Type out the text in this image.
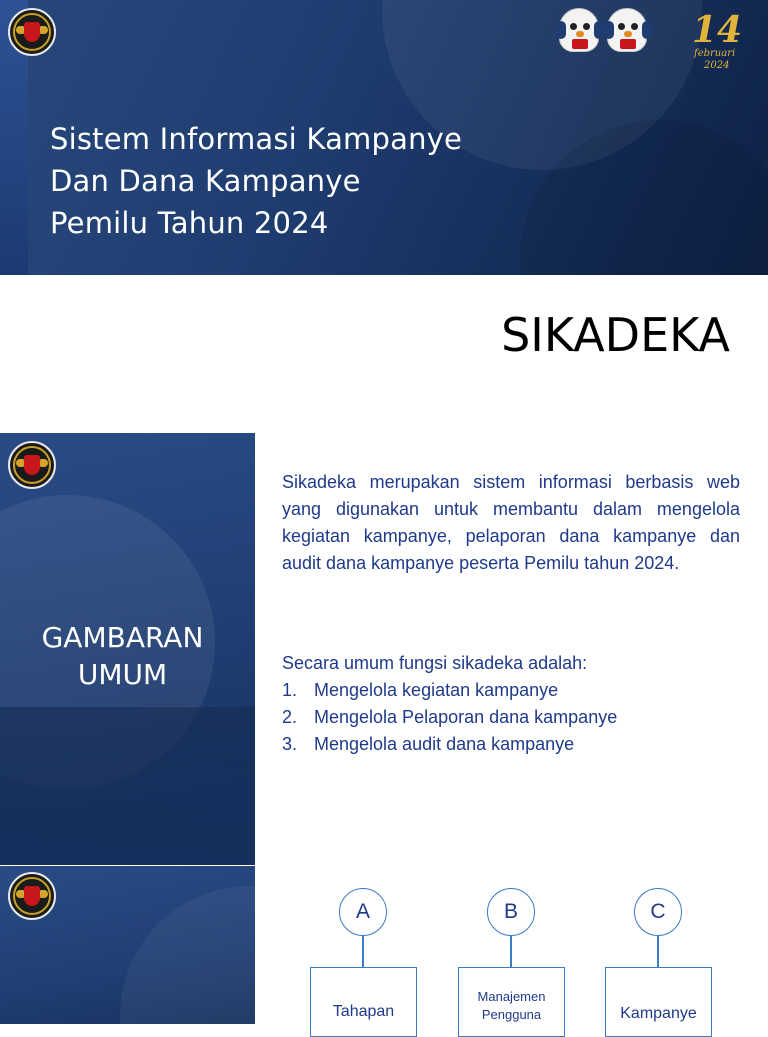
Sistem Informasi Kampanye
Dan Dana Kampanye
Pemilu Tahun 2024
14
februari
2024
SIKADEKA
GAMBARAN
UMUM
Sikadeka merupakan sistem informasi berbasis web yang digunakan untuk membantu dalam mengelola kegiatan kampanye, pelaporan dana kampanye dan audit dana kampanye peserta Pemilu tahun 2024.
Secara umum fungsi sikadeka adalah:
1. Mengelola kegiatan kampanye
2. Mengelola Pelaporan dana kampanye
3. Mengelola audit dana kampanye
A
Tahapan
B
Manajemen
Pengguna
C
Kampanye
